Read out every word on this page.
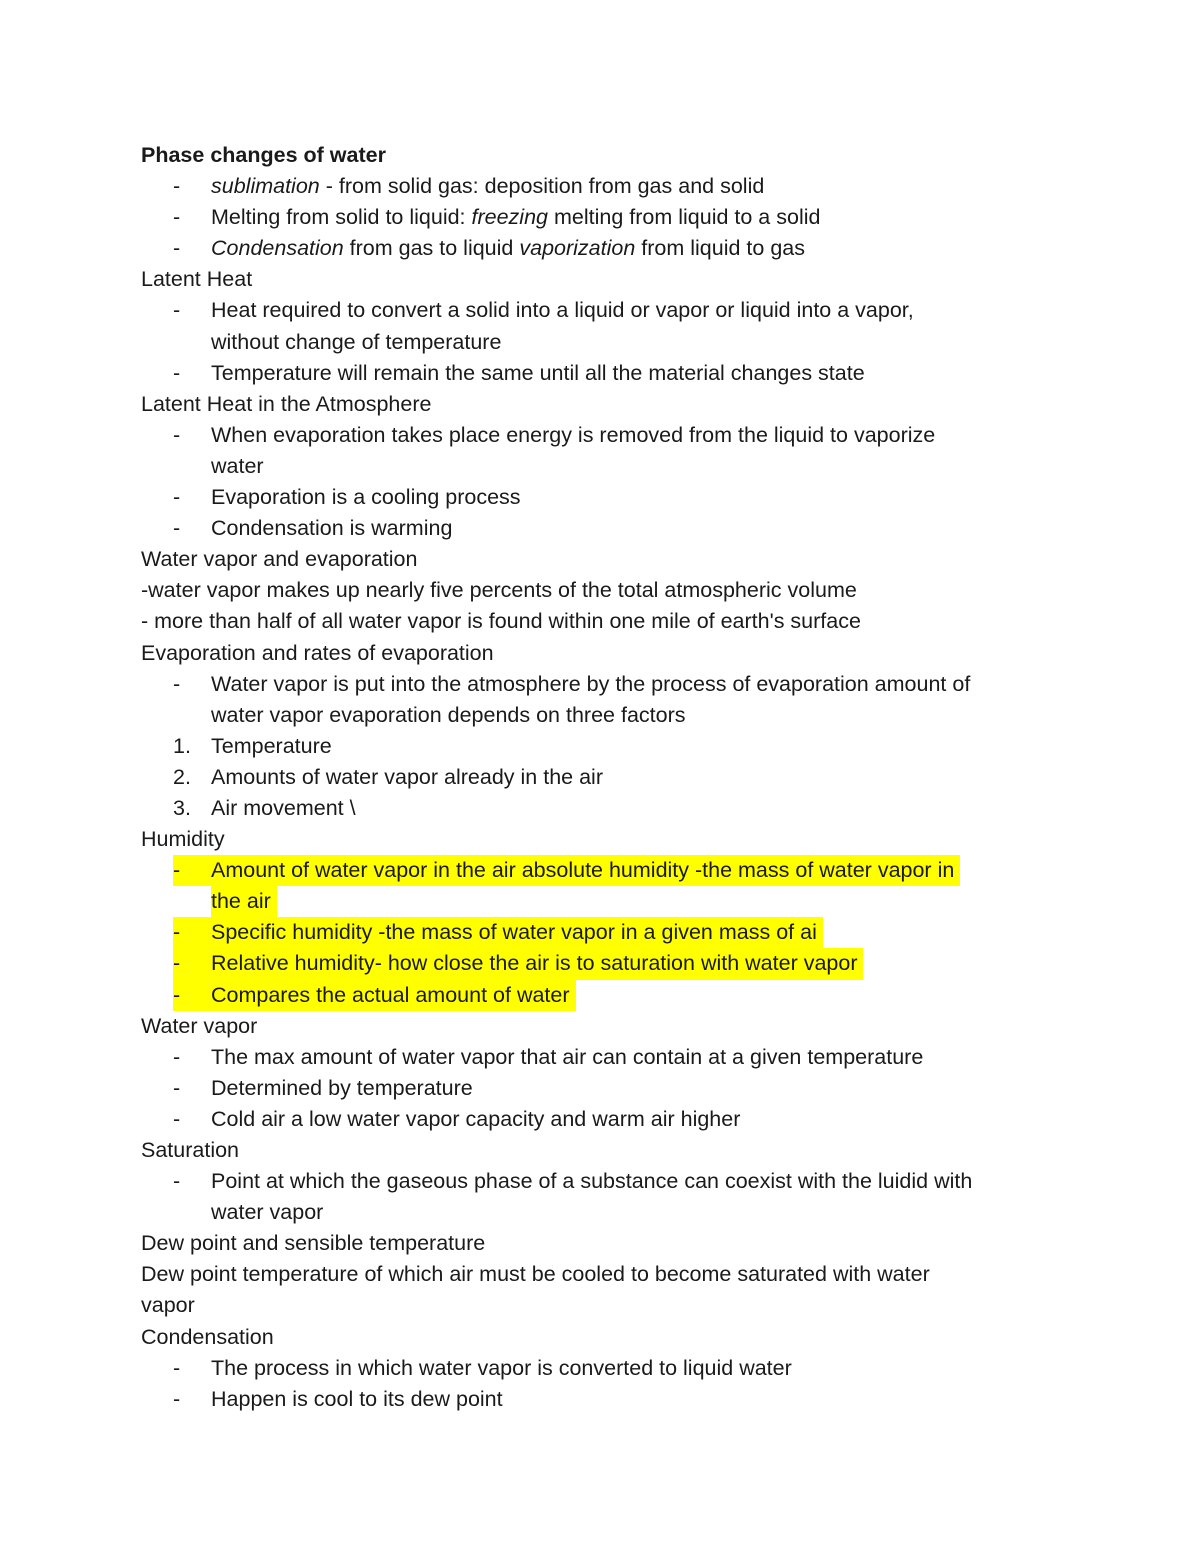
Phase changes of water
- sublimation - from solid gas: deposition from gas and solid
- Melting from solid to liquid: freezing melting from liquid to a solid
- Condensation from gas to liquid vaporization from liquid to gas
Latent Heat
- Heat required to convert a solid into a liquid or vapor or liquid into a vapor,
without change of temperature
- Temperature will remain the same until all the material changes state
Latent Heat in the Atmosphere
- When evaporation takes place energy is removed from the liquid to vaporize
water
- Evaporation is a cooling process
- Condensation is warming
Water vapor and evaporation
-water vapor makes up nearly five percents of the total atmospheric volume
- more than half of all water vapor is found within one mile of earth's surface
Evaporation and rates of evaporation
- Water vapor is put into the atmosphere by the process of evaporation amount of
water vapor evaporation depends on three factors
1. Temperature
2. Amounts of water vapor already in the air
3. Air movement \
Humidity
-	Amount of water vapor in the air absolute humidity -the mass of water vapor in
the air
-	Specific humidity -the mass of water vapor in a given mass of ai
-	Relative humidity- how close the air is to saturation with water vapor
-	Compares the actual amount of water
Water vapor
- The max amount of water vapor that air can contain at a given temperature
- Determined by temperature
- Cold air a low water vapor capacity and warm air higher
Saturation
- Point at which the gaseous phase of a substance can coexist with the luidid with
water vapor
Dew point and sensible temperature
Dew point temperature of which air must be cooled to become saturated with water
vapor
Condensation
- The process in which water vapor is converted to liquid water
- Happen is cool to its dew point
